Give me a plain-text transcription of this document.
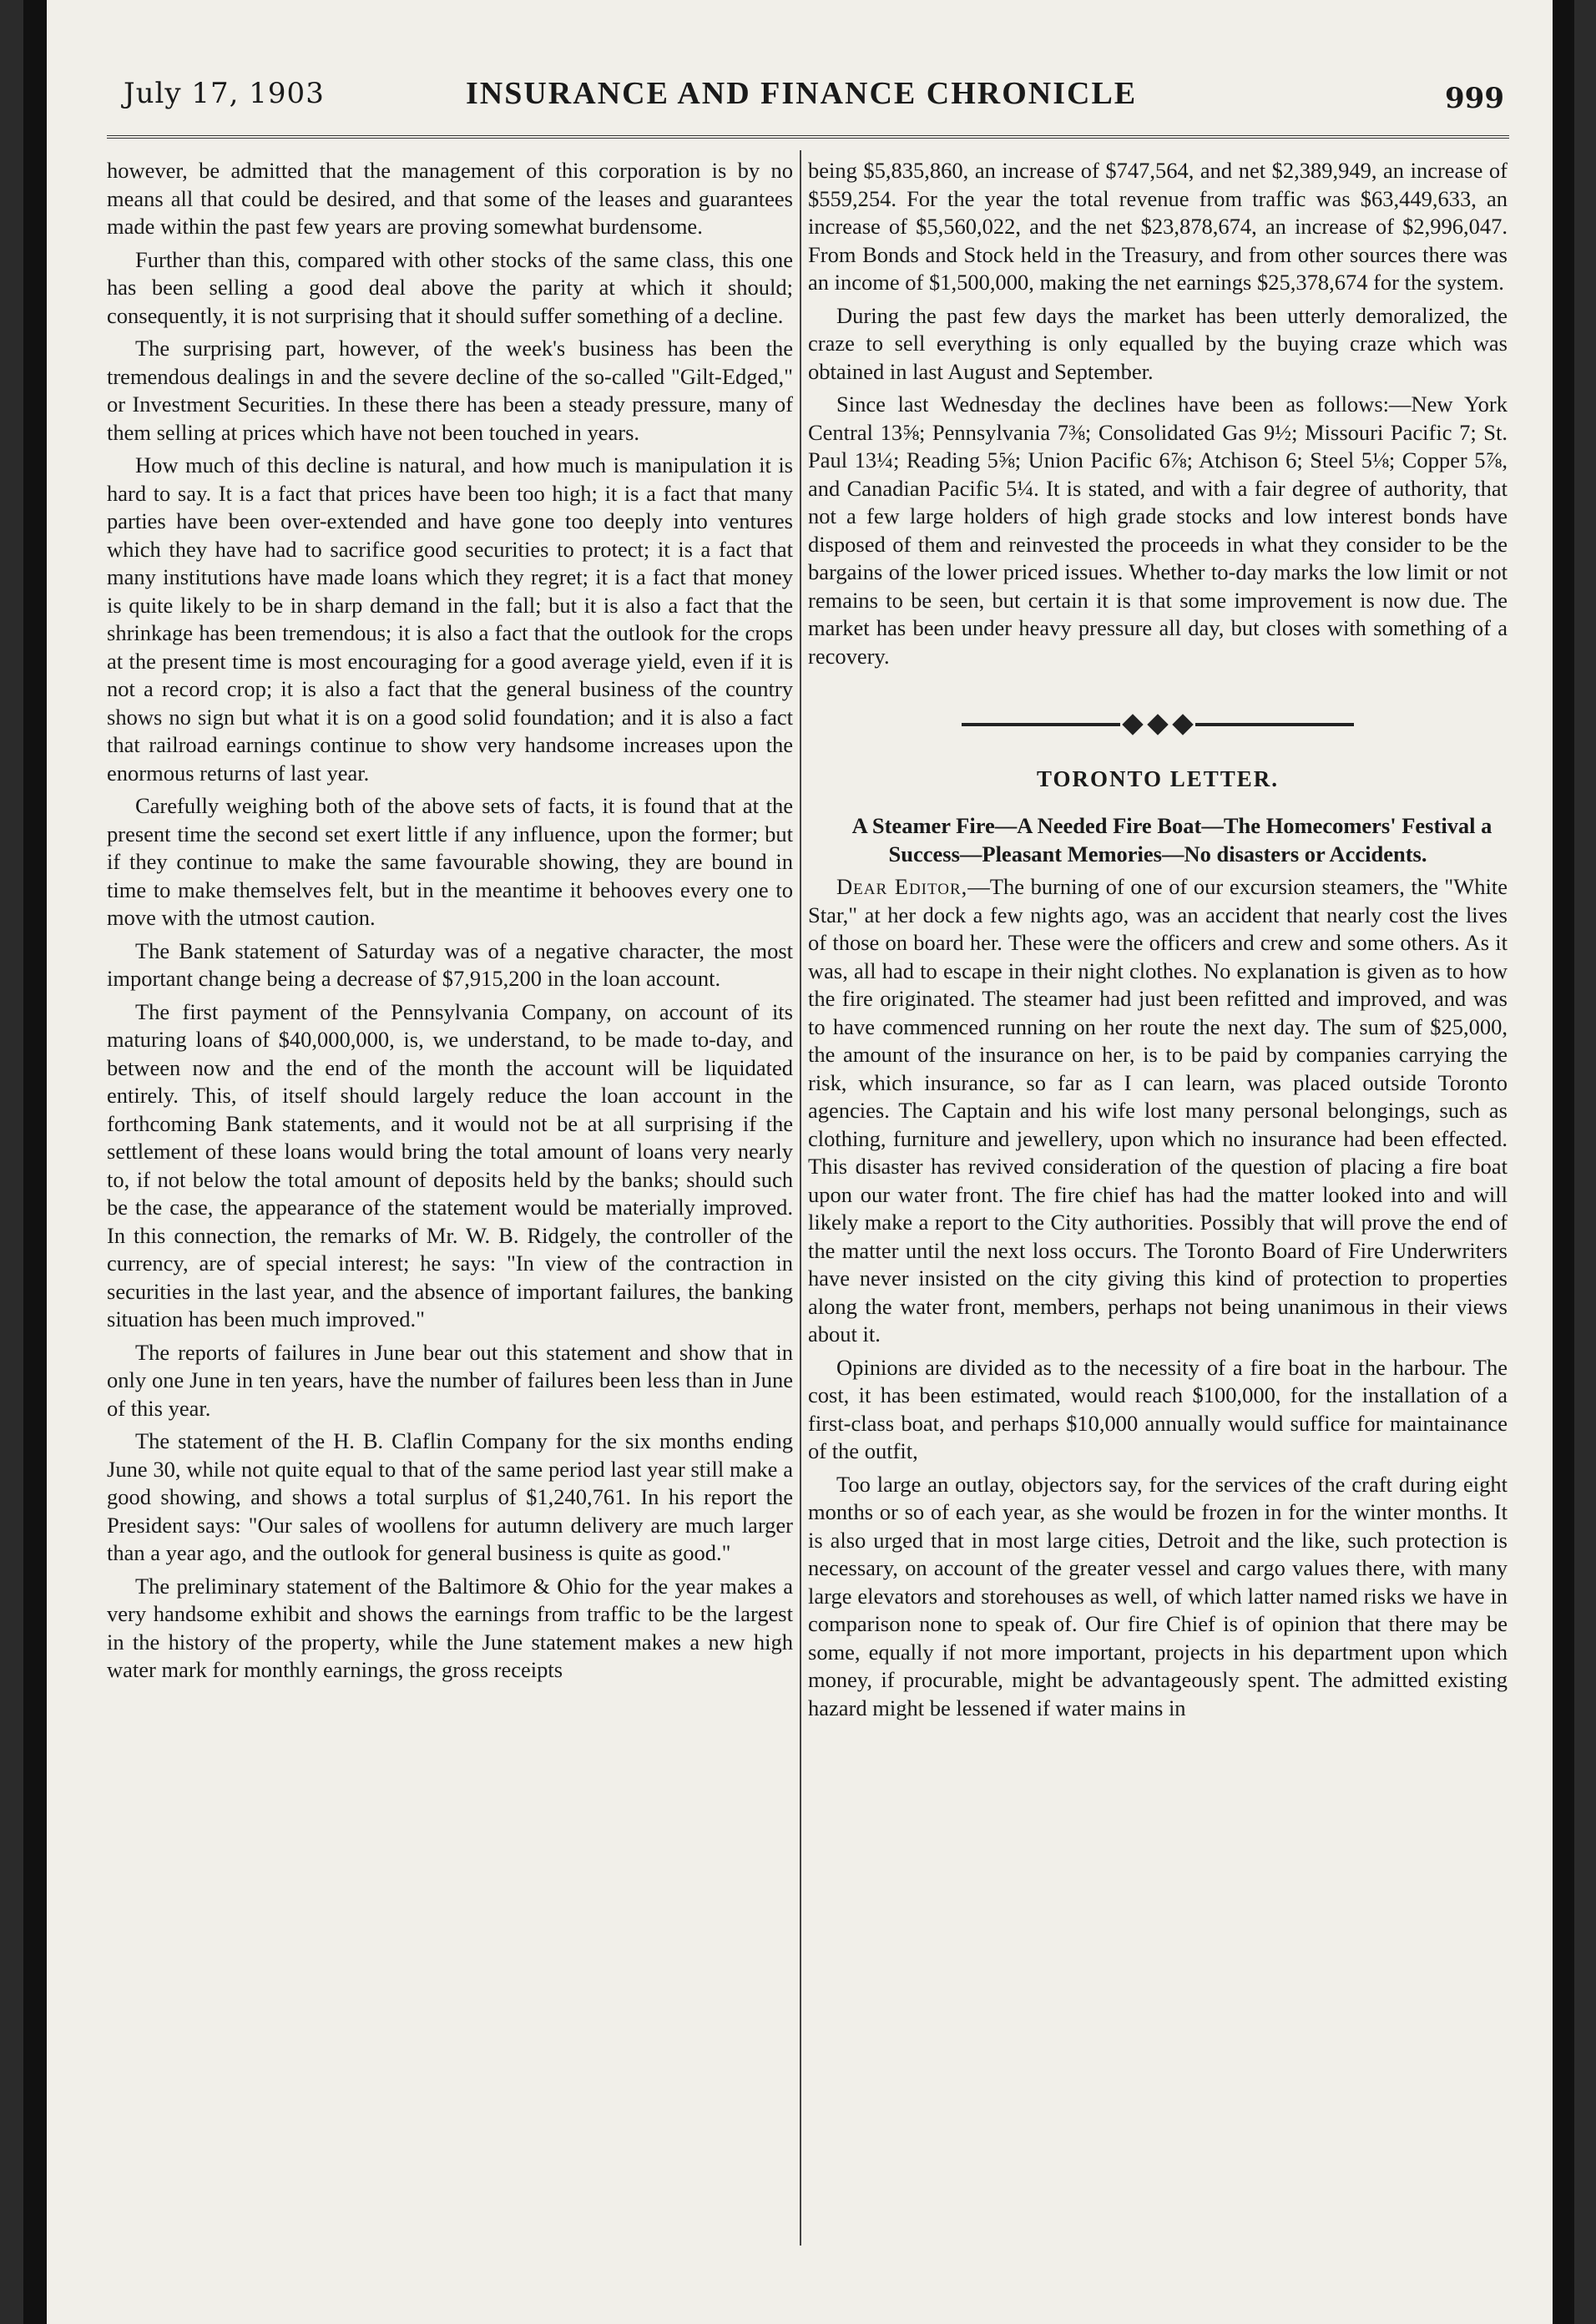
July 17, 1903	INSURANCE AND FINANCE CHRONICLE	999

however, be admitted that the management of this corporation is by no means all that could be desired, and that some of the leases and guarantees made within the past few years are proving somewhat burdensome.

Further than this, compared with other stocks of the same class, this one has been selling a good deal above the parity at which it should; consequently, it is not surprising that it should suffer something of a decline.

The surprising part, however, of the week's business has been the tremendous dealings in and the severe decline of the so-called "Gilt-Edged," or Investment Securities. In these there has been a steady pressure, many of them selling at prices which have not been touched in years.

How much of this decline is natural, and how much is manipulation it is hard to say. It is a fact that prices have been too high; it is a fact that many parties have been over-extended and have gone too deeply into ventures which they have had to sacrifice good securities to protect; it is a fact that many institutions have made loans which they regret; it is a fact that money is quite likely to be in sharp demand in the fall; but it is also a fact that the shrinkage has been tremendous; it is also a fact that the outlook for the crops at the present time is most encouraging for a good average yield, even if it is not a record crop; it is also a fact that the general business of the country shows no sign but what it is on a good solid foundation; and it is also a fact that railroad earnings continue to show very handsome increases upon the enormous returns of last year.

Carefully weighing both of the above sets of facts, it is found that at the present time the second set exert little if any influence, upon the former; but if they continue to make the same favourable showing, they are bound in time to make themselves felt, but in the meantime it behooves every one to move with the utmost caution.

The Bank statement of Saturday was of a negative character, the most important change being a decrease of $7,915,200 in the loan account.

The first payment of the Pennsylvania Company, on account of its maturing loans of $40,000,000, is, we understand, to be made to-day, and between now and the end of the month the account will be liquidated entirely. This, of itself should largely reduce the loan account in the forthcoming Bank statements, and it would not be at all surprising if the settlement of these loans would bring the total amount of loans very nearly to, if not below the total amount of deposits held by the banks; should such be the case, the appearance of the statement would be materially improved. In this connection, the remarks of Mr. W. B. Ridgely, the controller of the currency, are of special interest; he says: "In view of the contraction in securities in the last year, and the absence of important failures, the banking situation has been much improved."

The reports of failures in June bear out this statement and show that in only one June in ten years, have the number of failures been less than in June of this year.

The statement of the H. B. Claflin Company for the six months ending June 30, while not quite equal to that of the same period last year still make a good showing, and shows a total surplus of $1,240,761. In his report the President says: "Our sales of woollens for autumn delivery are much larger than a year ago, and the outlook for general business is quite as good."

The preliminary statement of the Baltimore & Ohio for the year makes a very handsome exhibit and shows the earnings from traffic to be the largest in the history of the property, while the June statement makes a new high water mark for monthly earnings, the gross receipts

being $5,835,860, an increase of $747,564, and net $2,389,949, an increase of $559,254. For the year the total revenue from traffic was $63,449,633, an increase of $5,560,022, and the net $23,878,674, an increase of $2,996,047. From Bonds and Stock held in the Treasury, and from other sources there was an income of $1,500,000, making the net earnings $25,378,674 for the system.

During the past few days the market has been utterly demoralized, the craze to sell everything is only equalled by the buying craze which was obtained in last August and September.

Since last Wednesday the declines have been as follows:—New York Central 13⅝; Pennsylvania 7⅜; Consolidated Gas 9½; Missouri Pacific 7; St. Paul 13¼; Reading 5⅝; Union Pacific 6⅞; Atchison 6; Steel 5⅛; Copper 5⅞, and Canadian Pacific 5¼. It is stated, and with a fair degree of authority, that not a few large holders of high grade stocks and low interest bonds have disposed of them and reinvested the proceeds in what they consider to be the bargains of the lower priced issues. Whether to-day marks the low limit or not remains to be seen, but certain it is that some improvement is now due. The market has been under heavy pressure all day, but closes with something of a recovery.

TORONTO LETTER.

A Steamer Fire—A Needed Fire Boat—The Homecomers' Festival a Success—Pleasant Memories—No disasters or Accidents.

Dear Editor,—The burning of one of our excursion steamers, the "White Star," at her dock a few nights ago, was an accident that nearly cost the lives of those on board her. These were the officers and crew and some others. As it was, all had to escape in their night clothes. No explanation is given as to how the fire originated. The steamer had just been refitted and improved, and was to have commenced running on her route the next day. The sum of $25,000, the amount of the insurance on her, is to be paid by companies carrying the risk, which insurance, so far as I can learn, was placed outside Toronto agencies. The Captain and his wife lost many personal belongings, such as clothing, furniture and jewellery, upon which no insurance had been effected. This disaster has revived consideration of the question of placing a fire boat upon our water front. The fire chief has had the matter looked into and will likely make a report to the City authorities. Possibly that will prove the end of the matter until the next loss occurs. The Toronto Board of Fire Underwriters have never insisted on the city giving this kind of protection to properties along the water front, members, perhaps not being unanimous in their views about it.

Opinions are divided as to the necessity of a fire boat in the harbour. The cost, it has been estimated, would reach $100,000, for the installation of a first-class boat, and perhaps $10,000 annually would suffice for maintainance of the outfit,

Too large an outlay, objectors say, for the services of the craft during eight months or so of each year, as she would be frozen in for the winter months. It is also urged that in most large cities, Detroit and the like, such protection is necessary, on account of the greater vessel and cargo values there, with many large elevators and storehouses as well, of which latter named risks we have in comparison none to speak of. Our fire Chief is of opinion that there may be some, equally if not more important, projects in his department upon which money, if procurable, might be advantageously spent. The admitted existing hazard might be lessened if water mains in
